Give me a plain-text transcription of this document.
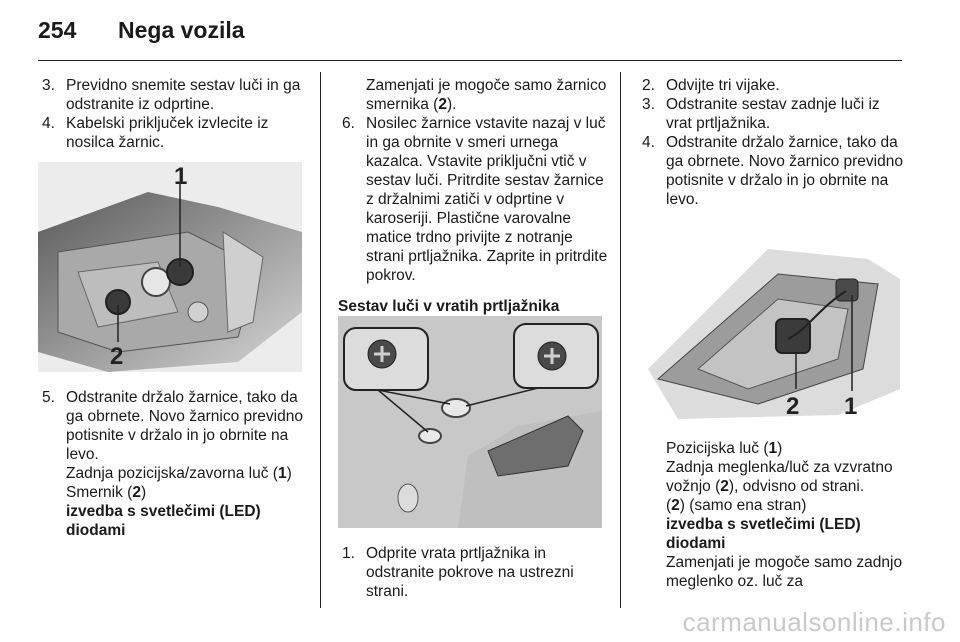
254 Nega vozila

3. Previdno snemite sestav luči in ga odstranite iz odprtine.

4. Kabelski priključek izvlecite iz nosilca žarnic.

1
2

5. Odstranite držalo žarnice, tako da ga obrnete. Novo žarnico previdno potisnite v držalo in jo obrnite na levo.

Zadnja pozicijska/zavorna luč (1)

Smernik (2)

izvedba s svetlečimi (LED) diodami

Zamenjati je mogoče samo žarnico smernika (2).

6. Nosilec žarnice vstavite nazaj v luč in ga obrnite v smeri urnega kazalca. Vstavite priključni vtič v sestav luči. Pritrdite sestav žarnice z držalnimi zatiči v odprtine v karoseriji. Plastične varovalne matice trdno privijte z notranje strani prtljažnika. Zaprite in pritrdite pokrov.

Sestav luči v vratih prtljažnika

1. Odprite vrata prtljažnika in odstranite pokrove na ustrezni strani.

2. Odvijte tri vijake.

3. Odstranite sestav zadnje luči iz vrat prtljažnika.

4. Odstranite držalo žarnice, tako da ga obrnete. Novo žarnico previdno potisnite v držalo in jo obrnite na levo.

2 1

Pozicijska luč (1)

Zadnja meglenka/luč za vzvratno vožnjo (2), odvisno od strani.

(2) (samo ena stran)

izvedba s svetlečimi (LED) diodami

Zamenjati je mogoče samo zadnjo meglenko oz. luč za

carmanualsonline.info
